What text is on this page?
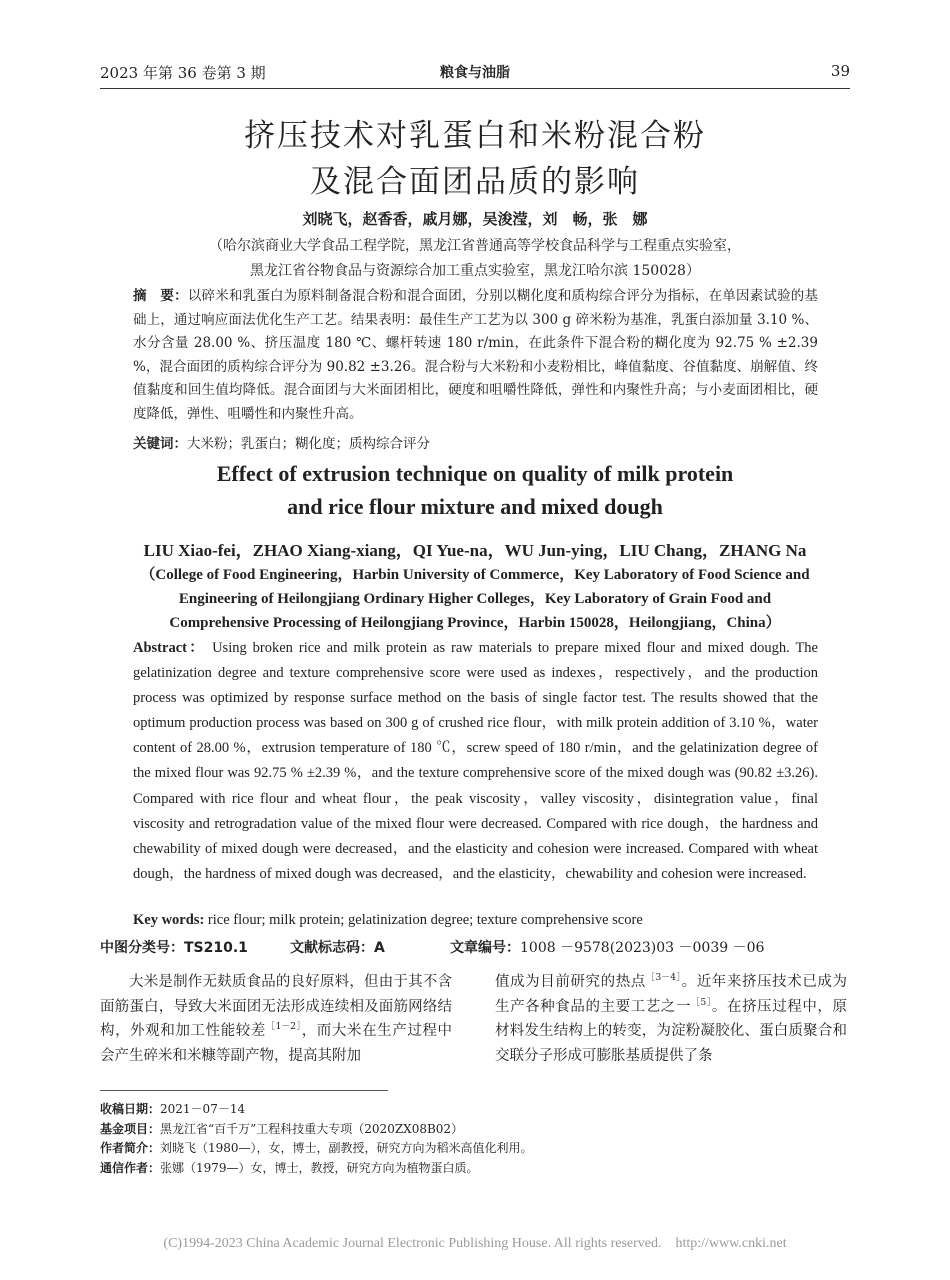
2023 年第 36 卷第 3 期	粮食与油脂	39
挤压技术对乳蛋白和米粉混合粉
及混合面团品质的影响
刘晓飞，赵香香，戚月娜，吴浚滢，刘　畅，张　娜
（哈尔滨商业大学食品工程学院，黑龙江省普通高等学校食品科学与工程重点实验室，
黑龙江省谷物食品与资源综合加工重点实验室，黑龙江哈尔滨 150028）
摘　要：以碎米和乳蛋白为原料制备混合粉和混合面团，分别以糊化度和质构综合评分为指标，在单因素试验的基础上，通过响应面法优化生产工艺。结果表明：最佳生产工艺为以 300 g 碎米粉为基准，乳蛋白添加量 3.10 %、水分含量 28.00 %、挤压温度 180 ℃、螺杆转速 180 r/min，在此条件下混合粉的糊化度为 92.75 % ±2.39 %，混合面团的质构综合评分为 90.82 ±3.26。混合粉与大米粉和小麦粉相比，峰值黏度、谷值黏度、崩解值、终值黏度和回生值均降低。混合面团与大米面团相比，硬度和咀嚼性降低，弹性和内聚性升高；与小麦面团相比，硬度降低，弹性、咀嚼性和内聚性升高。
关键词：大米粉；乳蛋白；糊化度；质构综合评分
Effect of extrusion technique on quality of milk protein
and rice flour mixture and mixed dough
LIU Xiao-fei，ZHAO Xiang-xiang，QI Yue-na，WU Jun-ying，LIU Chang，ZHANG Na
（College of Food Engineering，Harbin University of Commerce，Key Laboratory of Food Science and
Engineering of Heilongjiang Ordinary Higher Colleges，Key Laboratory of Grain Food and
Comprehensive Processing of Heilongjiang Province，Harbin 150028，Heilongjiang，China）
Abstract： Using broken rice and milk protein as raw materials to prepare mixed flour and mixed dough. The gelatinization degree and texture comprehensive score were used as indexes，respectively，and the production process was optimized by response surface method on the basis of single factor test. The results showed that the optimum production process was based on 300 g of crushed rice flour，with milk protein addition of 3.10 %，water content of 28.00 %，extrusion temperature of 180 ℃，screw speed of 180 r/min，and the gelatinization degree of the mixed flour was 92.75 % ±2.39 %，and the texture comprehensive score of the mixed dough was (90.82 ±3.26). Compared with rice flour and wheat flour，the peak viscosity，valley viscosity，disintegration value，final viscosity and retrogradation value of the mixed flour were decreased. Compared with rice dough，the hardness and chewability of mixed dough were decreased，and the elasticity and cohesion were increased. Compared with wheat dough，the hardness of mixed dough was decreased，and the elasticity，chewability and cohesion were increased.
Key words: rice flour; milk protein; gelatinization degree; texture comprehensive score
中图分类号：TS210.1	文献标志码：A	文章编号：1008 －9578(2023)03 －0039 －06
大米是制作无麸质食品的良好原料，但由于其不含面筋蛋白，导致大米面团无法形成连续相及面筋网络结构，外观和加工性能较差$^{[1-2]}$，而大米在生产过程中会产生碎米和米糠等副产物，提高其附加
值成为目前研究的热点$^{[3-4]}$。近年来挤压技术已成为生产各种食品的主要工艺之一$^{[5]}$。在挤压过程中，原材料发生结构上的转变，为淀粉凝胶化、蛋白质聚合和交联分子形成可膨胀基质提供了条
收稿日期：2021－07－14
基金项目：黑龙江省“百千万”工程科技重大专项（2020ZX08B02）
作者简介：刘晓飞（1980—），女，博士，副教授，研究方向为稻米高值化利用。
通信作者：张娜（1979—）女，博士，教授，研究方向为植物蛋白质。
(C)1994-2023 China Academic Journal Electronic Publishing House. All rights reserved. http://www.cnki.net
